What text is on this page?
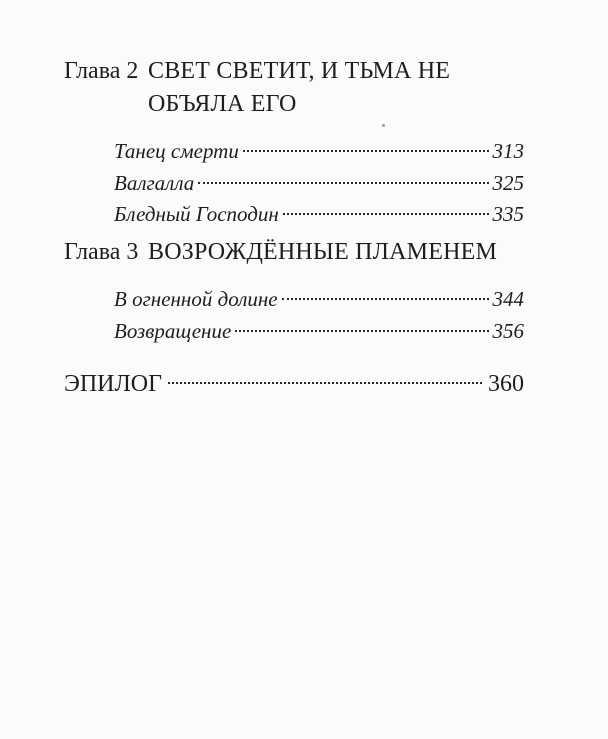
Глава 2 СВЕТ СВЕТИТ, И ТЬМА НЕ
ОБЪЯЛА ЕГО
Танец смерти	313
Валгалла	325
Бледный Господин	335
Глава 3 ВОЗРОЖДЁННЫЕ ПЛАМЕНЕМ
В огненной долине	344
Возвращение	356
ЭПИЛОГ	360
